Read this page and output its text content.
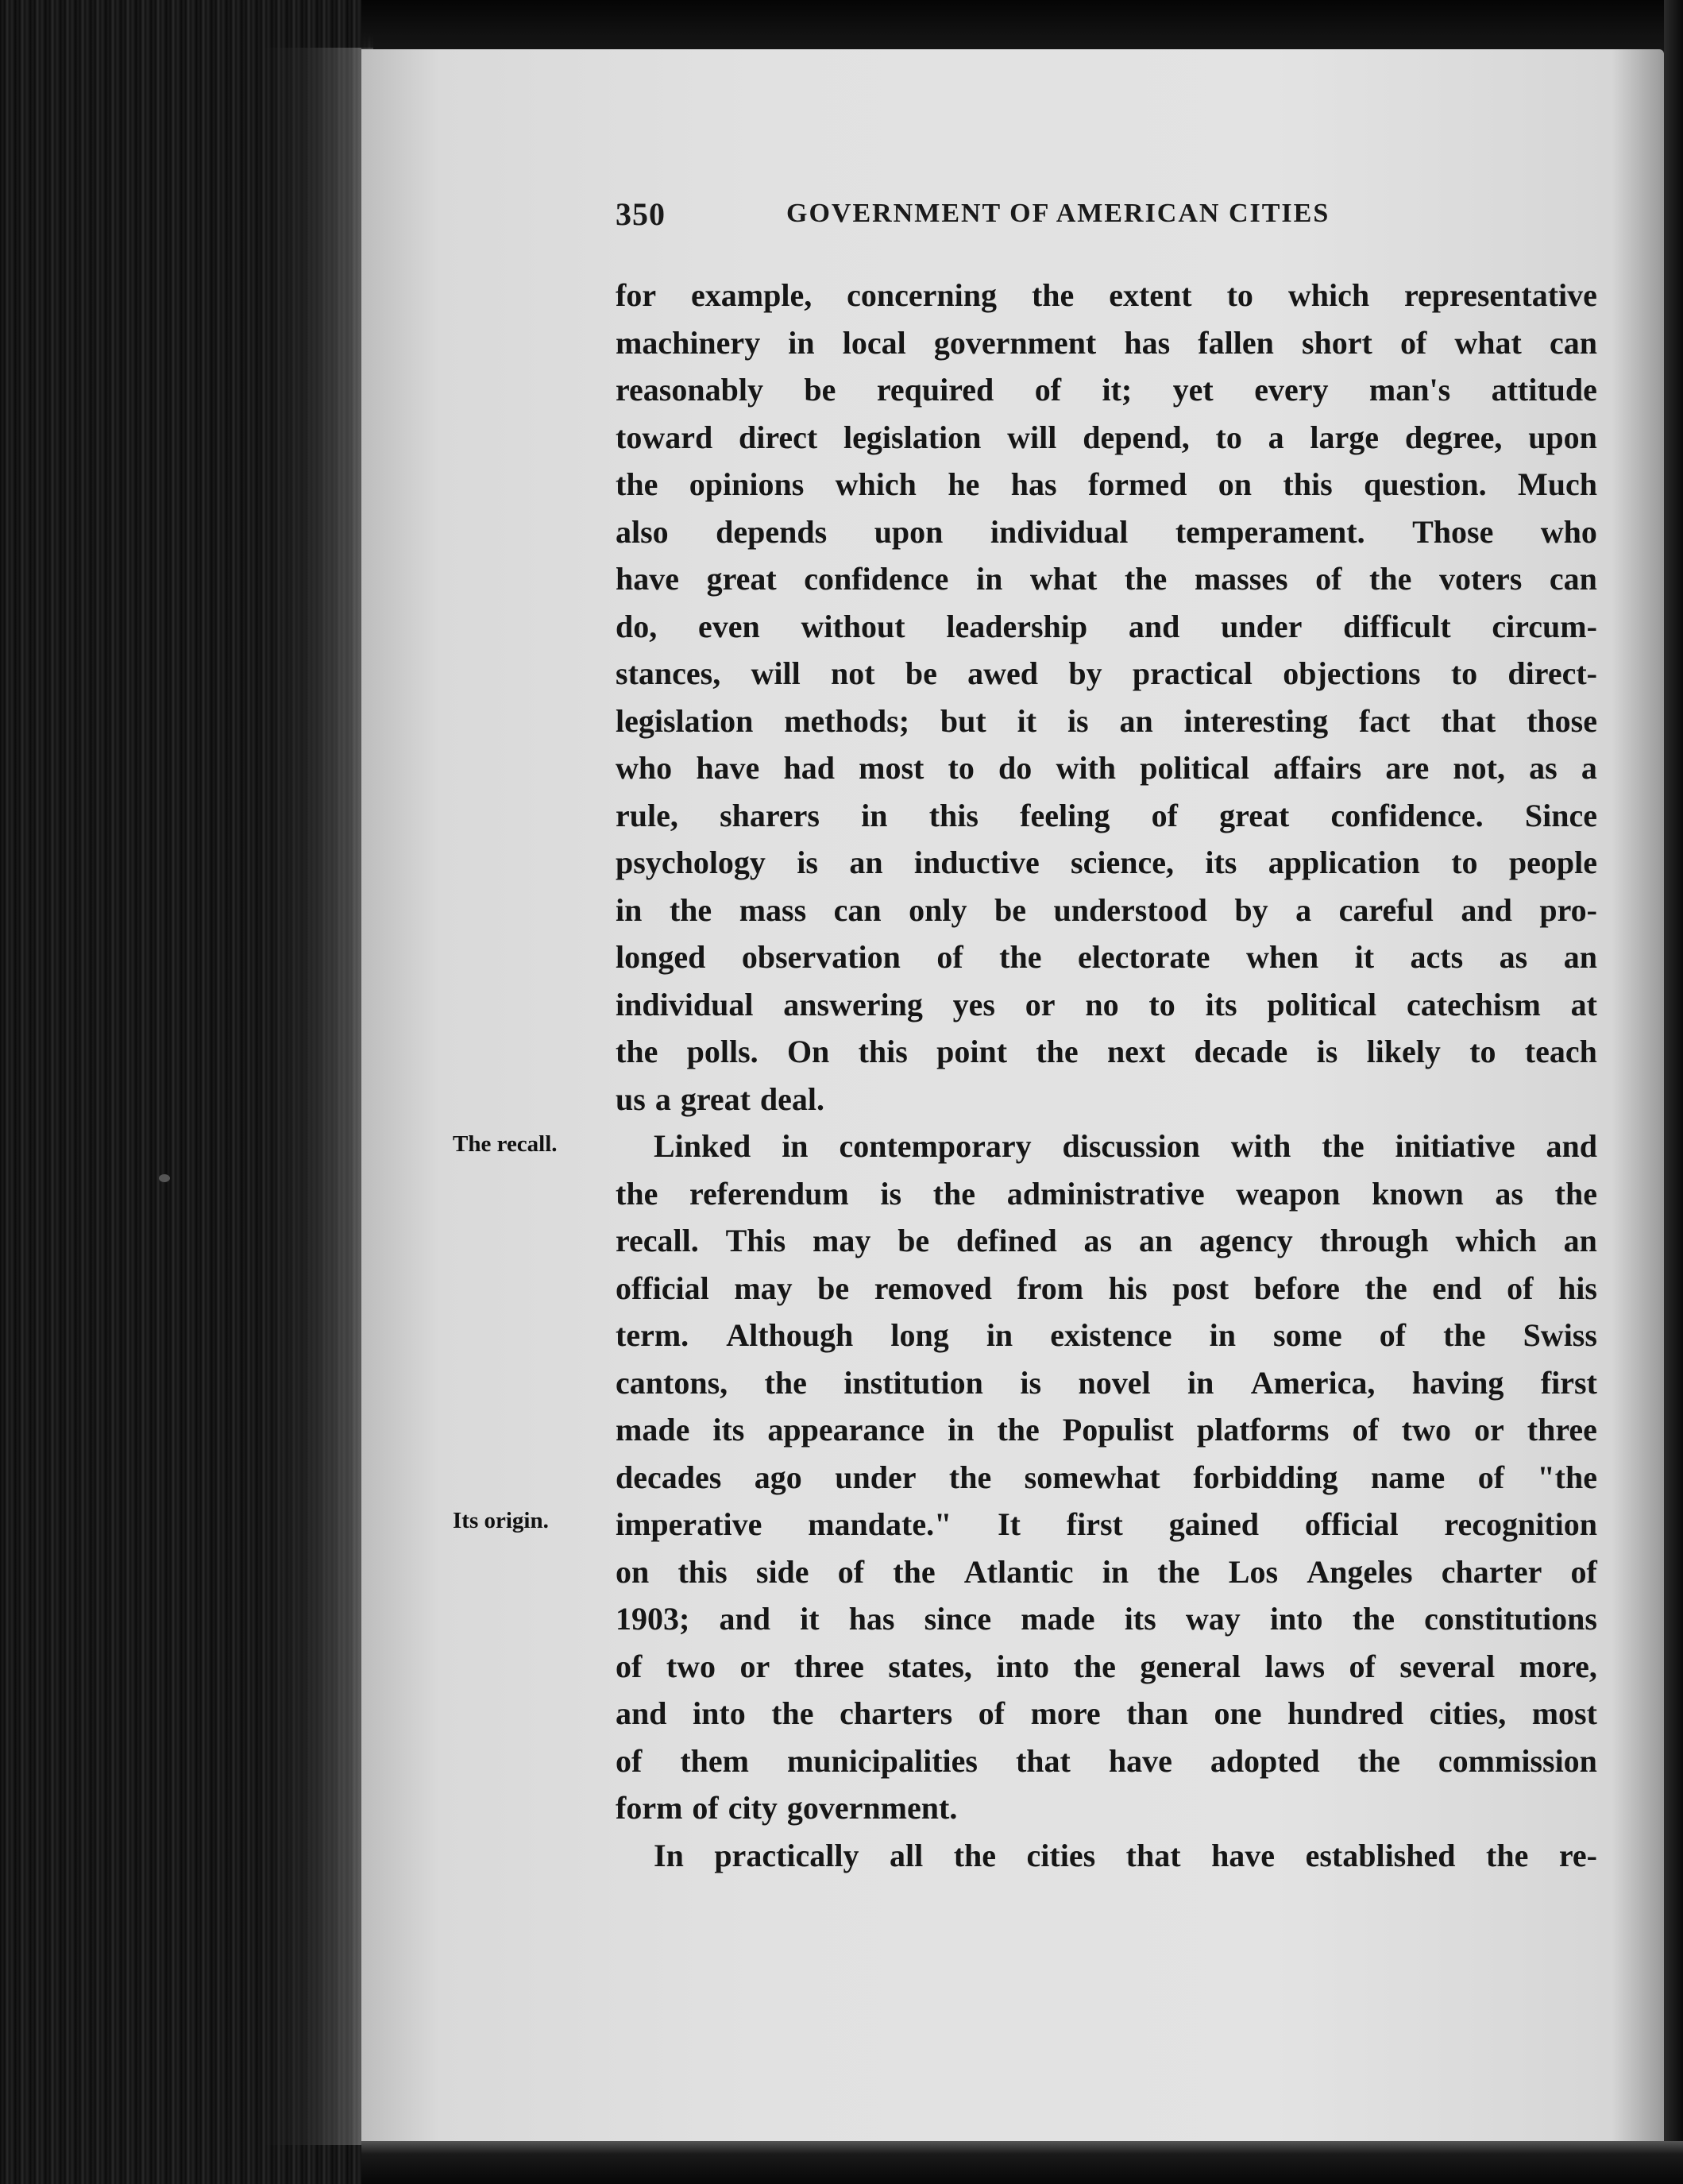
350	GOVERNMENT OF AMERICAN CITIES
The recall.
Its origin.
for example, concerning the extent to which representative
machinery in local government has fallen short of what can
reasonably be required of it; yet every man's attitude
toward direct legislation will depend, to a large degree, upon
the opinions which he has formed on this question. Much
also depends upon individual temperament. Those who
have great confidence in what the masses of the voters can
do, even without leadership and under difficult circum-
stances, will not be awed by practical objections to direct-
legislation methods; but it is an interesting fact that those
who have had most to do with political affairs are not, as a
rule, sharers in this feeling of great confidence. Since
psychology is an inductive science, its application to people
in the mass can only be understood by a careful and pro-
longed observation of the electorate when it acts as an
individual answering yes or no to its political catechism at
the polls. On this point the next decade is likely to teach
us a great deal.
Linked in contemporary discussion with the initiative and
the referendum is the administrative weapon known as the
recall. This may be defined as an agency through which an
official may be removed from his post before the end of his
term. Although long in existence in some of the Swiss
cantons, the institution is novel in America, having first
made its appearance in the Populist platforms of two or three
decades ago under the somewhat forbidding name of "the
imperative mandate." It first gained official recognition
on this side of the Atlantic in the Los Angeles charter of
1903; and it has since made its way into the constitutions
of two or three states, into the general laws of several more,
and into the charters of more than one hundred cities, most
of them municipalities that have adopted the commission
form of city government.
In practically all the cities that have established the re-
